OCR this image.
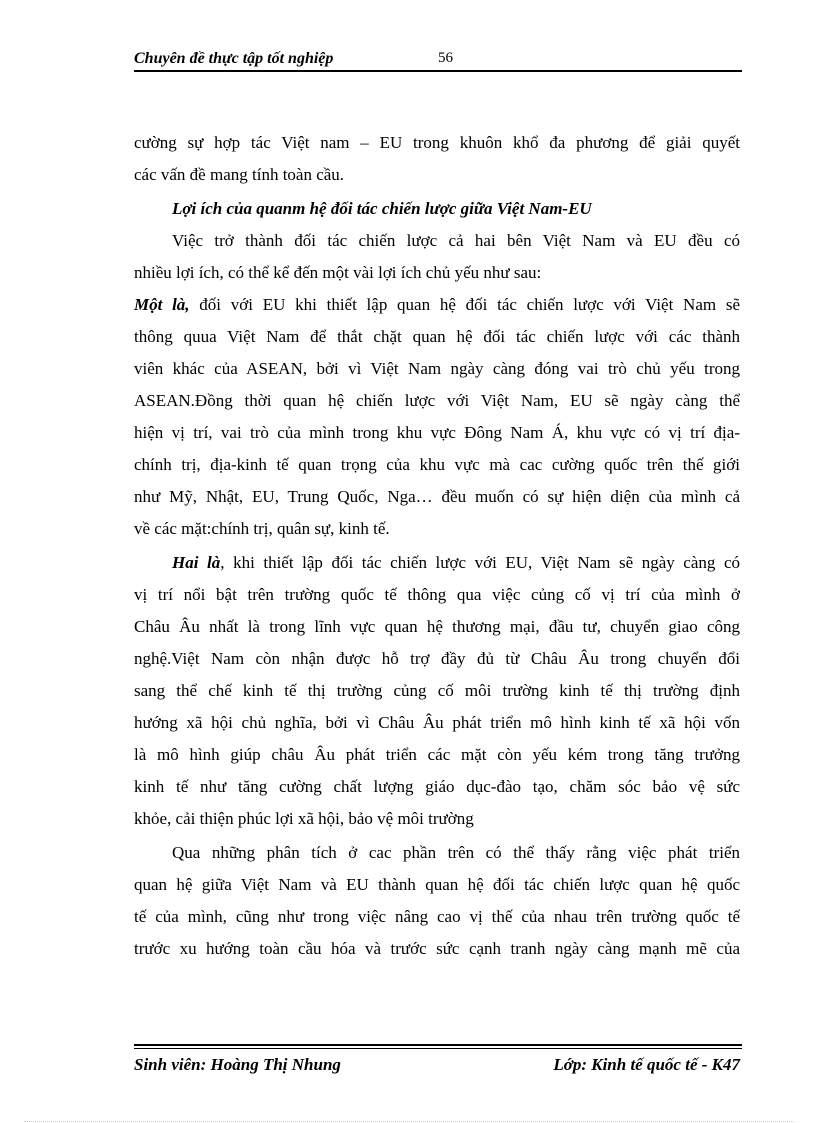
Chuyên đề thực tập tốt nghiệp	56
cường sự hợp tác Việt nam – EU trong khuôn khổ đa phương để giải quyết
các vấn đề mang tính toàn cầu.
Lợi ích của quanm hệ đối tác chiến lược giữa Việt Nam-EU
Việc trở thành đối tác chiến lược cả hai bên Việt Nam và EU đều có
nhiều lợi ích, có thể kể đến một vài lợi ích chủ yếu như sau:
Một là, đối với EU khi thiết lập quan hệ đối tác chiến lược với Việt Nam sẽ
thông quua Việt Nam để thắt chặt quan hệ đối tác chiến lược với các thành
viên khác của ASEAN, bởi vì Việt Nam ngày càng đóng vai trò chủ yếu trong
ASEAN.Đồng thời quan hệ chiến lược với Việt Nam, EU sẽ ngày càng thể
hiện vị trí, vai trò của mình trong khu vực Đông Nam Á, khu vực có vị trí địa-
chính trị, địa-kinh tế quan trọng của khu vực mà cac cường quốc trên thế giới
như Mỹ, Nhật, EU, Trung Quốc, Nga… đều muốn có sự hiện diện của mình cả
về các mặt:chính trị, quân sự, kinh tế.
Hai là, khi thiết lập đối tác chiến lược với EU, Việt Nam sẽ ngày càng có
vị trí nổi bật trên trường quốc tế thông qua việc củng cố vị trí của mình ở
Châu Âu nhất là trong lĩnh vực quan hệ thương mại, đầu tư, chuyển giao công
nghệ.Việt Nam còn nhận được hỗ trợ đầy đủ từ Châu Âu trong chuyển đổi
sang thể chế kinh tế thị trường củng cố môi trường kinh tế thị trường định
hướng xã hội chủ nghĩa, bởi vì Châu Âu phát triển mô hình kinh tế xã hội vốn
là mô hình giúp châu Âu phát triển các mặt còn yếu kém trong tăng trưởng
kinh tế như tăng cường chất lượng giáo dục-đào tạo, chăm sóc bảo vệ sức
khỏe, cải thiện phúc lợi xã hội, bảo vệ môi trường
Qua những phân tích ở cac phần trên có thể thấy rằng việc phát triển
quan hệ giữa Việt Nam và EU thành quan hệ đối tác chiến lược quan hệ quốc
tế của mình, cũng như trong việc nâng cao vị thế của nhau trên trường quốc tế
trước xu hướng toàn cầu hóa và trước sức cạnh tranh ngày càng mạnh mẽ của
Sinh viên: Hoàng Thị Nhung	Lớp: Kinh tế quốc tế - K47
